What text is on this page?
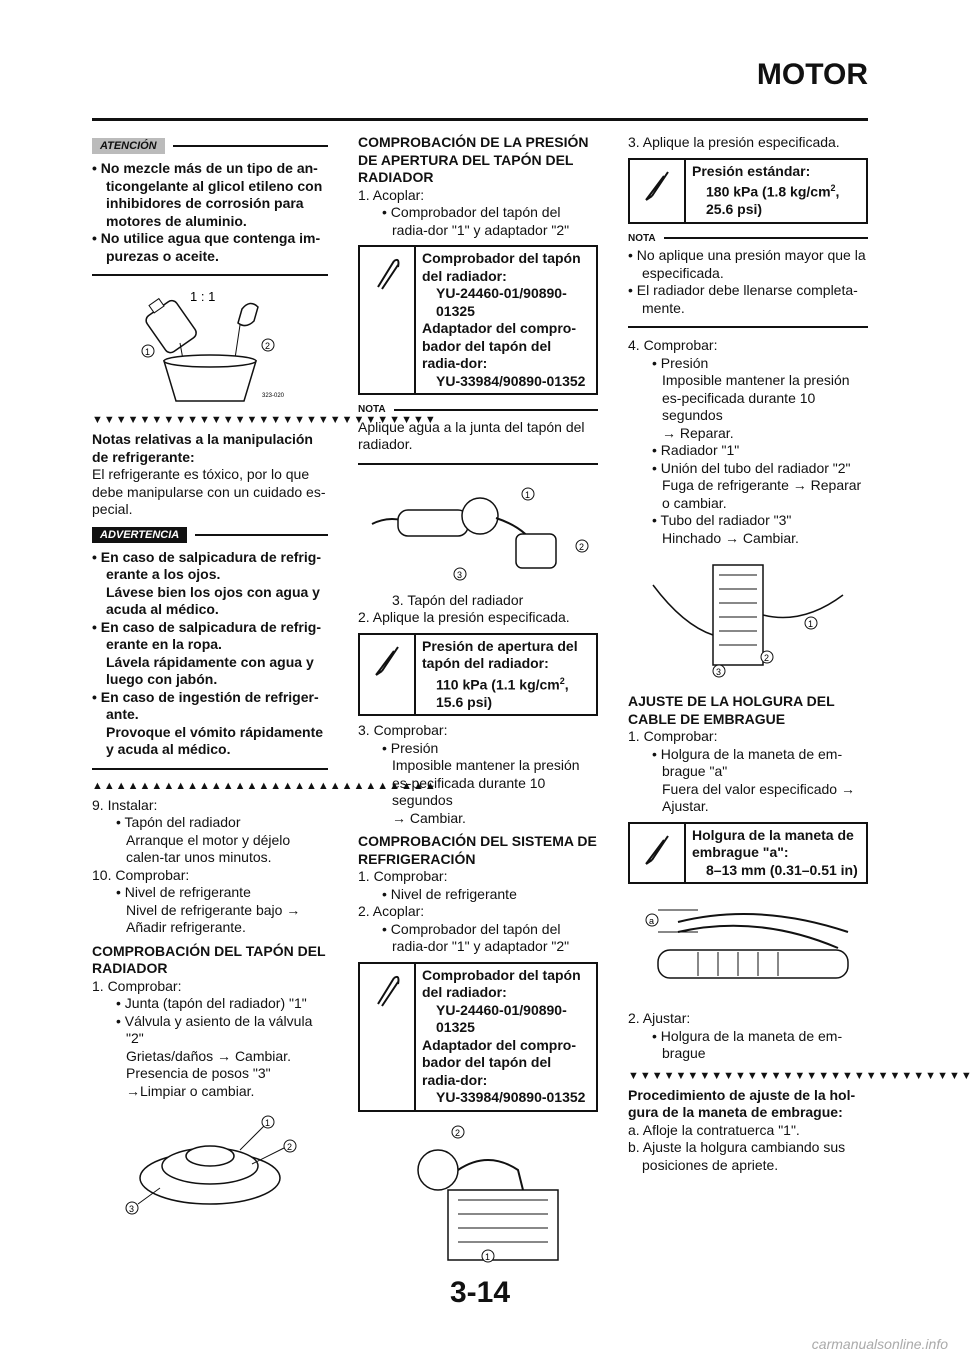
MOTOR
ATENCIÓN

• No mezcle más de un tipo de an-ticongelante al glicol etileno con inhibidores de corrosión para motores de aluminio.

• No utilice agua que contenga im-purezas o aceite.

1 : 1
1
2
323-020
▼▼▼▼▼▼▼▼▼▼▼▼▼▼▼▼▼▼▼▼▼▼▼▼▼▼▼▼▼

Notas relativas a la manipulación de refrigerante:

El refrigerante es tóxico, por lo que debe manipularse con un cuidado es-pecial.

ADVERTENCIA

• En caso de salpicadura de refrig-erante a los ojos.

Lávese bien los ojos con agua y acuda al médico.

• En caso de salpicadura de refrig-erante en la ropa.

Lávela rápidamente con agua y luego con jabón.

• En caso de ingestión de refriger-ante.

Provoque el vómito rápidamente y acuda al médico.

▲▲▲▲▲▲▲▲▲▲▲▲▲▲▲▲▲▲▲▲▲▲▲▲▲▲▲▲▲

9. Instalar:

• Tapón del radiador

Arranque el motor y déjelo calen-tar unos minutos.

10. Comprobar:

• Nivel de refrigerante

Nivel de refrigerante bajo →

Añadir refrigerante.

COMPROBACIÓN DEL TAPÓN DEL RADIADOR

1. Comprobar:

• Junta (tapón del radiador) "1"

• Válvula y asiento de la válvula "2"

Grietas/daños → Cambiar.

Presencia de posos "3" →Limpiar o cambiar.

1
2
3

COMPROBACIÓN DE LA PRESIÓN DE APERTURA DEL TAPÓN DEL RADIADOR

1. Acoplar:

• Comprobador del tapón del radia-dor "1" y adaptador "2"

Comprobador del tapón del radiador:

YU-24460-01/90890-01325

Adaptador del compro-bador del tapón del radia-dor:

YU-33984/90890-01352

NOTA

Aplique agua a la junta del tapón del radiador.

1
2
3

3. Tapón del radiador

2. Aplique la presión especificada.

Presión de apertura del tapón del radiador:

110 kPa (1.1 $kg/cm^2$,

15.6 psi)

3. Comprobar:

• Presión

Imposible mantener la presión es-pecificada durante 10 segundos

→ Cambiar.

COMPROBACIÓN DEL SISTEMA DE REFRIGERACIÓN

1. Comprobar:

• Nivel de refrigerante

2. Acoplar:

• Comprobador del tapón del radia-dor "1" y adaptador "2"

Comprobador del tapón del radiador:

YU-24460-01/90890-01325

Adaptador del compro-bador del tapón del radia-dor:

YU-33984/90890-01352

2
1

3. Aplique la presión especificada.

Presión estándar:

180 kPa (1.8 $kg/cm^2$,

25.6 psi)

NOTA

• No aplique una presión mayor que la especificada.

• El radiador debe llenarse completa-mente.

4. Comprobar:

• Presión

Imposible mantener la presión es-pecificada durante 10 segundos

→ Reparar.

• Radiador "1"

• Unión del tubo del radiador "2"

Fuga de refrigerante → Reparar o cambiar.

• Tubo del radiador "3"

Hinchado → Cambiar.

1
2
3

AJUSTE DE LA HOLGURA DEL CABLE DE EMBRAGUE

1. Comprobar:

• Holgura de la maneta de em-brague "a"

Fuera del valor especificado →

Ajustar.

Holgura de la maneta de embrague "a":

8–13 mm (0.31–0.51 in)

a

2. Ajustar:

• Holgura de la maneta de em-brague

▼▼▼▼▼▼▼▼▼▼▼▼▼▼▼▼▼▼▼▼▼▼▼▼▼▼▼▼▼

Procedimiento de ajuste de la hol-gura de la maneta de embrague:

a. Afloje la contratuerca "1".

b. Ajuste la holgura cambiando sus posiciones de apriete.

3-14
carmanualsonline.info
